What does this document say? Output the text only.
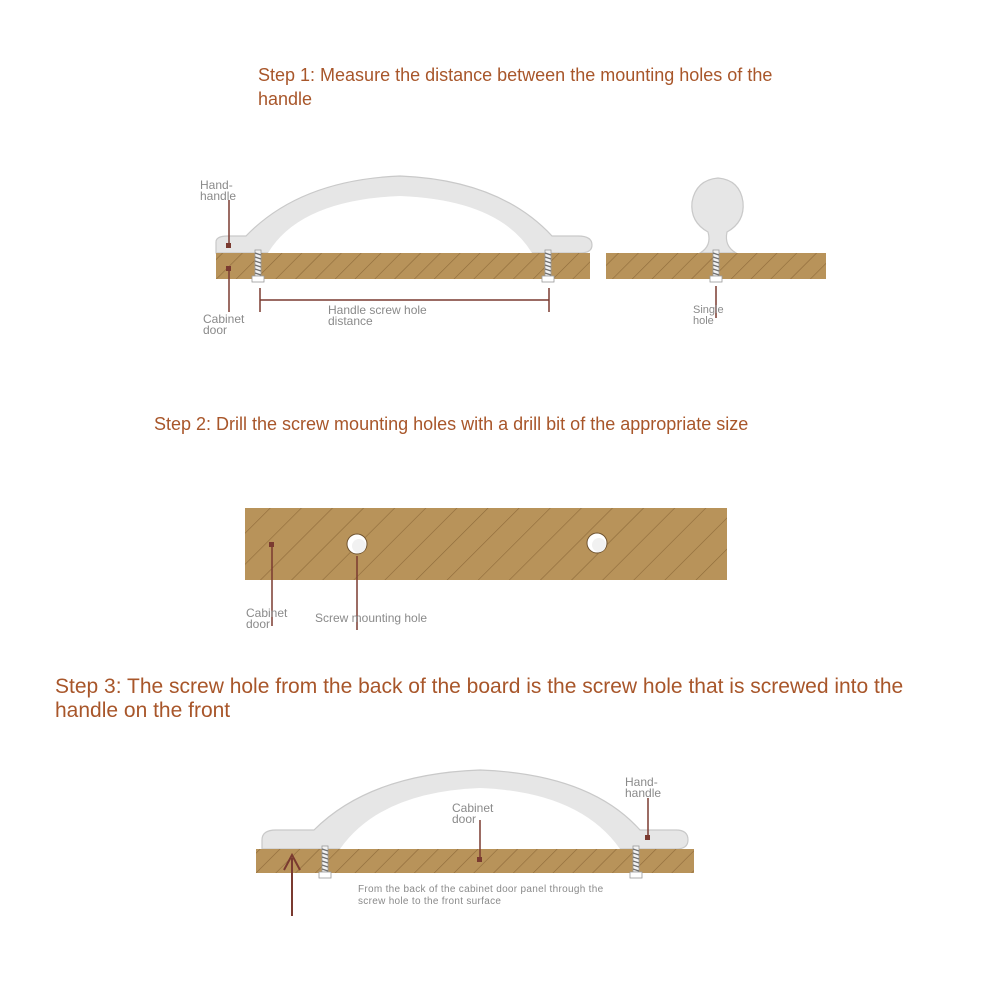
Step 1: Measure the distance between the mounting holes of the handle
Step 2: Drill the screw mounting holes with a drill bit of the appropriate size
Step 3: The screw hole from the back of the board is the screw hole that is screwed into the handle on the front
Hand-
handle
Cabinet
door
Handle screw hole
distance
Single
hole
Cabinet
door	Screw mounting hole
Cabinet
door
Hand-
handle
From the back of the cabinet door panel through the
screw hole to the front surface
